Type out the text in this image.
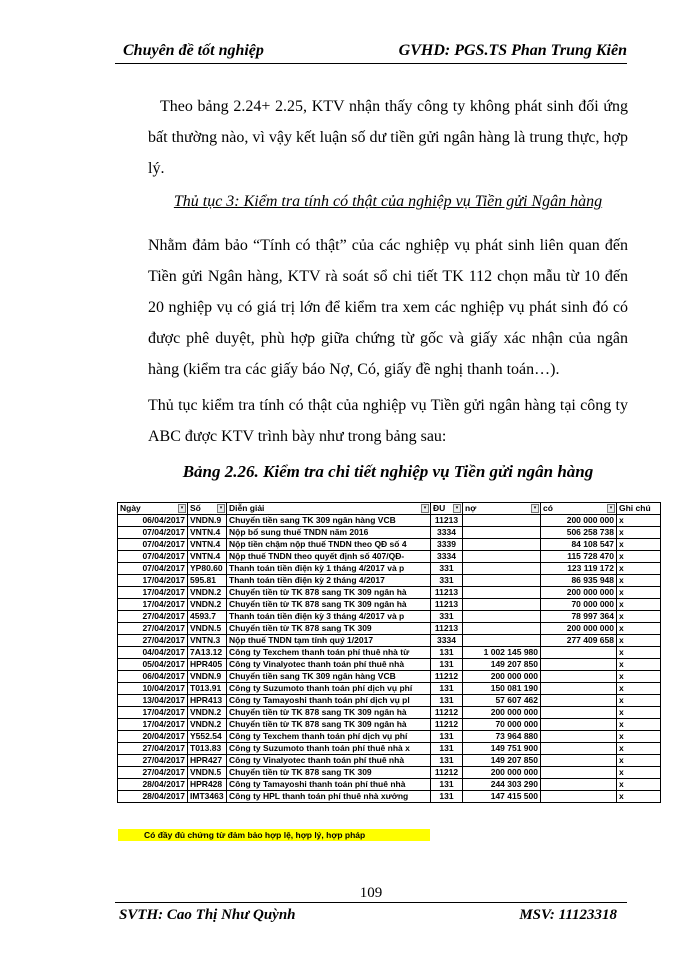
Chuyên đề tốt nghiệp	GVHD: PGS.TS Phan Trung Kiên
Theo bảng 2.24+ 2.25, KTV nhận thấy công ty không phát sinh đối ứng bất thường nào, vì vậy kết luận số dư tiền gửi ngân hàng là trung thực, hợp lý.
Thủ tục 3: Kiểm tra tính có thật của nghiệp vụ Tiền gửi Ngân hàng
Nhằm đảm bảo “Tính có thật” của các nghiệp vụ phát sinh liên quan đến Tiền gửi Ngân hàng, KTV rà soát sổ chi tiết TK 112 chọn mẫu từ 10 đến 20 nghiệp vụ có giá trị lớn để kiểm tra xem các nghiệp vụ phát sinh đó có được phê duyệt, phù hợp giữa chứng từ gốc và giấy xác nhận của ngân hàng (kiểm tra các giấy báo Nợ, Có, giấy đề nghị thanh toán…).
Thủ tục kiểm tra tính có thật của nghiệp vụ Tiền gửi ngân hàng tại công ty ABC được KTV trình bày như trong bảng sau:
Bảng 2.26. Kiểm tra chi tiết nghiệp vụ Tiền gửi ngân hàng
Ngày ▾	Số ▾	Diễn giải ▾	ĐU ▾	nợ ▾	có ▾	Ghi chú
06/04/2017	VNDN.9	Chuyển tiền sang TK 309 ngân hàng VCB	11213		200 000 000	x
07/04/2017	VNTN.4	Nộp bổ sung thuế TNDN năm 2016	3334		506 258 738	x
07/04/2017	VNTN.4	Nộp tiền chậm nộp thuế TNDN theo QĐ số 4	3339		84 108 547	x
07/04/2017	VNTN.4	Nộp thuế TNDN theo quyết định số 407/QĐ-	3334		115 728 470	x
07/04/2017	YP80.60	Thanh toán tiền điện kỳ 1 tháng 4/2017 và p	331		123 119 172	x
17/04/2017	595.81	Thanh toán tiền điện kỳ 2 tháng 4/2017	331		86 935 948	x
17/04/2017	VNDN.2	Chuyển tiền từ TK 878 sang TK 309 ngân hà	11213		200 000 000	x
17/04/2017	VNDN.2	Chuyển tiền từ TK 878 sang TK 309 ngân hà	11213		70 000 000	x
27/04/2017	4593.7	Thanh toán tiền điện kỳ 3 tháng 4/2017 và p	331		78 997 364	x
27/04/2017	VNDN.5	Chuyển tiền từ TK 878 sang TK 309	11213		200 000 000	x
27/04/2017	VNTN.3	Nộp thuế TNDN tạm tính quý 1/2017	3334		277 409 658	x
04/04/2017	7A13.12	Công ty Texchem thanh toán phí thuê nhà từ	131	1 002 145 980		x
05/04/2017	HPR405	Công ty Vinalyotec thanh toán phí thuê nhà	131	149 207 850		x
06/04/2017	VNDN.9	Chuyển tiền sang TK 309 ngân hàng VCB	11212	200 000 000		x
10/04/2017	T013.91	Công ty Suzumoto thanh toán phí dịch vụ phí	131	150 081 190		x
13/04/2017	HPR413	Công ty Tamayoshi thanh toán phí dịch vụ pl	131	57 607 462		x
17/04/2017	VNDN.2	Chuyển tiền từ TK 878 sang TK 309 ngân hà	11212	200 000 000		x
17/04/2017	VNDN.2	Chuyển tiền từ TK 878 sang TK 309 ngân hà	11212	70 000 000		x
20/04/2017	Y552.54	Công ty Texchem thanh toán phí dịch vụ phí	131	73 964 880		x
27/04/2017	T013.83	Công ty Suzumoto thanh toán phí thuê nhà x	131	149 751 900		x
27/04/2017	HPR427	Công ty Vinalyotec thanh toán phí thuê nhà	131	149 207 850		x
27/04/2017	VNDN.5	Chuyển tiền từ TK 878 sang TK 309	11212	200 000 000		x
28/04/2017	HPR428	Công ty Tamayoshi thanh toán phí thuê nhà	131	244 303 290		x
28/04/2017	IMT3463	Công ty HPL thanh toán phí thuê nhà xưởng	131	147 415 500		x
Có đầy đủ chứng từ đảm bảo hợp lệ, hợp lý, hợp pháp
109
SVTH: Cao Thị Như Quỳnh	MSV: 11123318
